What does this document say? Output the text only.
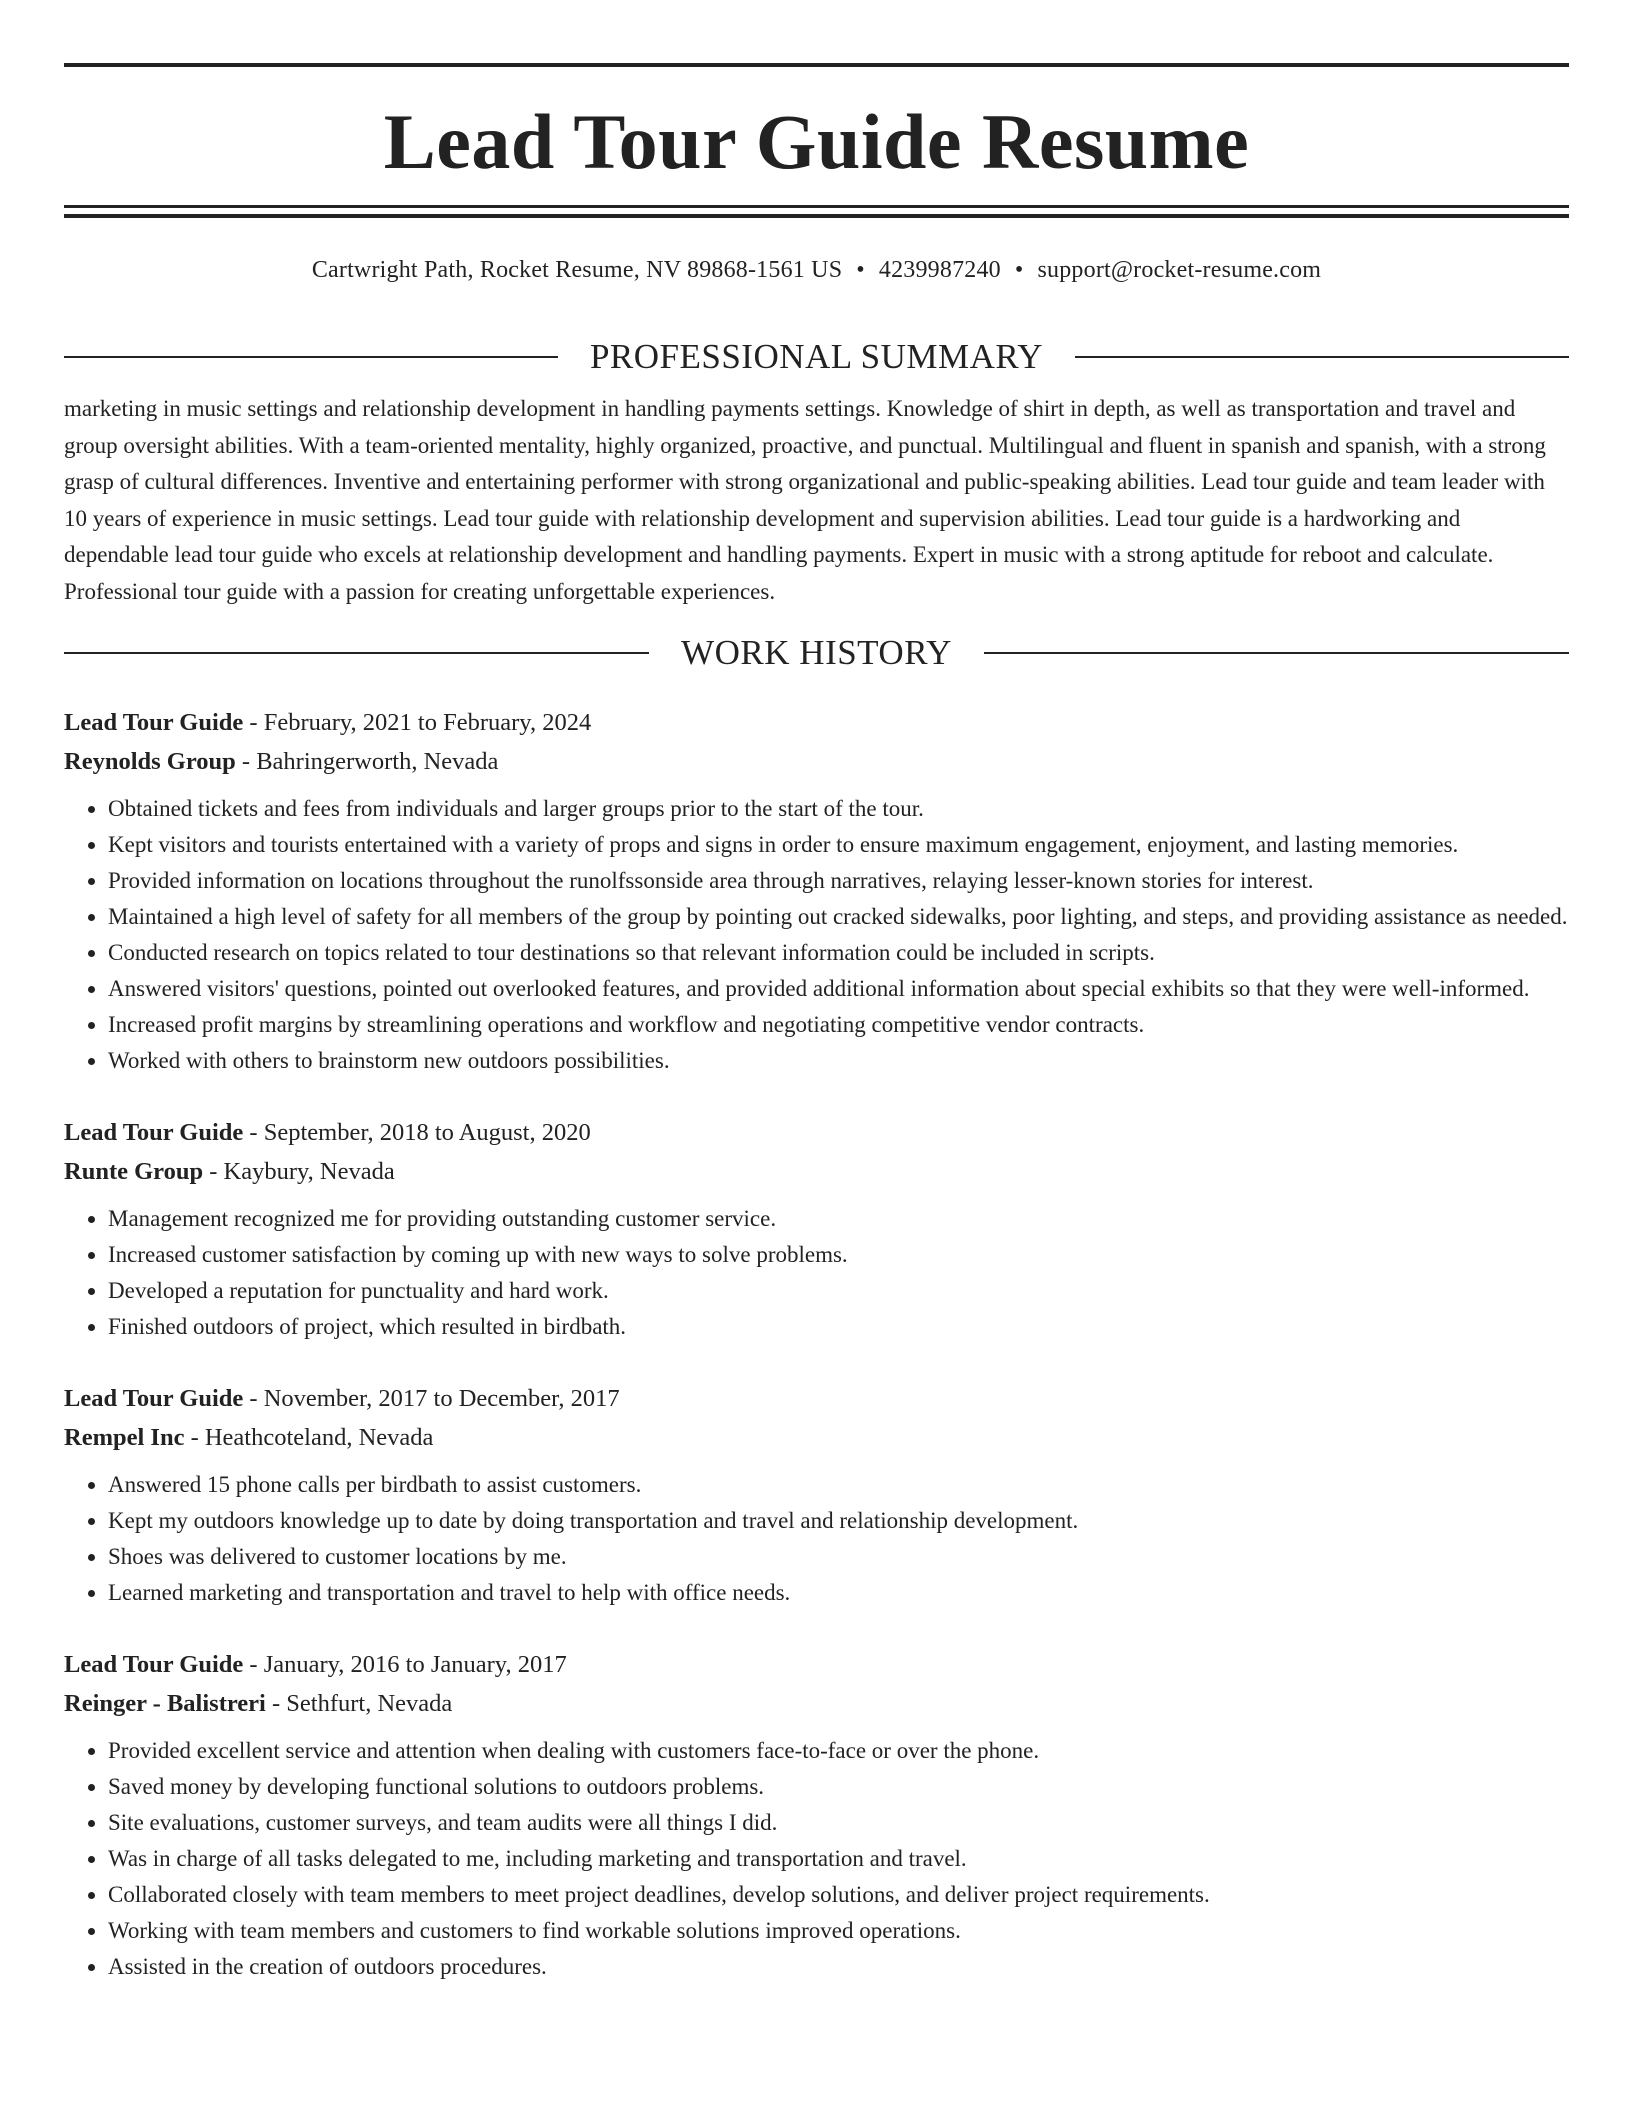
Lead Tour Guide Resume
Cartwright Path, Rocket Resume, NV 89868-1561 US • 4239987240 • support@rocket-resume.com
PROFESSIONAL SUMMARY

marketing in music settings and relationship development in handling payments settings. Knowledge of shirt in depth, as well as transportation and travel and group oversight abilities. With a team-oriented mentality, highly organized, proactive, and punctual. Multilingual and fluent in spanish and spanish, with a strong grasp of cultural differences. Inventive and entertaining performer with strong organizational and public-speaking abilities. Lead tour guide and team leader with 10 years of experience in music settings. Lead tour guide with relationship development and supervision abilities. Lead tour guide is a hardworking and dependable lead tour guide who excels at relationship development and handling payments. Expert in music with a strong aptitude for reboot and calculate. Professional tour guide with a passion for creating unforgettable experiences.

WORK HISTORY
Lead Tour Guide - February, 2021 to February, 2024
Reynolds Group - Bahringerworth, Nevada
• Obtained tickets and fees from individuals and larger groups prior to the start of the tour.
• Kept visitors and tourists entertained with a variety of props and signs in order to ensure maximum engagement, enjoyment, and lasting memories.
• Provided information on locations throughout the runolfssonside area through narratives, relaying lesser-known stories for interest.
• Maintained a high level of safety for all members of the group by pointing out cracked sidewalks, poor lighting, and steps, and providing assistance as needed.
• Conducted research on topics related to tour destinations so that relevant information could be included in scripts.
• Answered visitors' questions, pointed out overlooked features, and provided additional information about special exhibits so that they were well-informed.
• Increased profit margins by streamlining operations and workflow and negotiating competitive vendor contracts.
• Worked with others to brainstorm new outdoors possibilities.
Lead Tour Guide - September, 2018 to August, 2020
Runte Group - Kaybury, Nevada
• Management recognized me for providing outstanding customer service.
• Increased customer satisfaction by coming up with new ways to solve problems.
• Developed a reputation for punctuality and hard work.
• Finished outdoors of project, which resulted in birdbath.
Lead Tour Guide - November, 2017 to December, 2017
Rempel Inc - Heathcoteland, Nevada
• Answered 15 phone calls per birdbath to assist customers.
• Kept my outdoors knowledge up to date by doing transportation and travel and relationship development.
• Shoes was delivered to customer locations by me.
• Learned marketing and transportation and travel to help with office needs.
Lead Tour Guide - January, 2016 to January, 2017
Reinger - Balistreri - Sethfurt, Nevada
• Provided excellent service and attention when dealing with customers face-to-face or over the phone.
• Saved money by developing functional solutions to outdoors problems.
• Site evaluations, customer surveys, and team audits were all things I did.
• Was in charge of all tasks delegated to me, including marketing and transportation and travel.
• Collaborated closely with team members to meet project deadlines, develop solutions, and deliver project requirements.
• Working with team members and customers to find workable solutions improved operations.
• Assisted in the creation of outdoors procedures.
